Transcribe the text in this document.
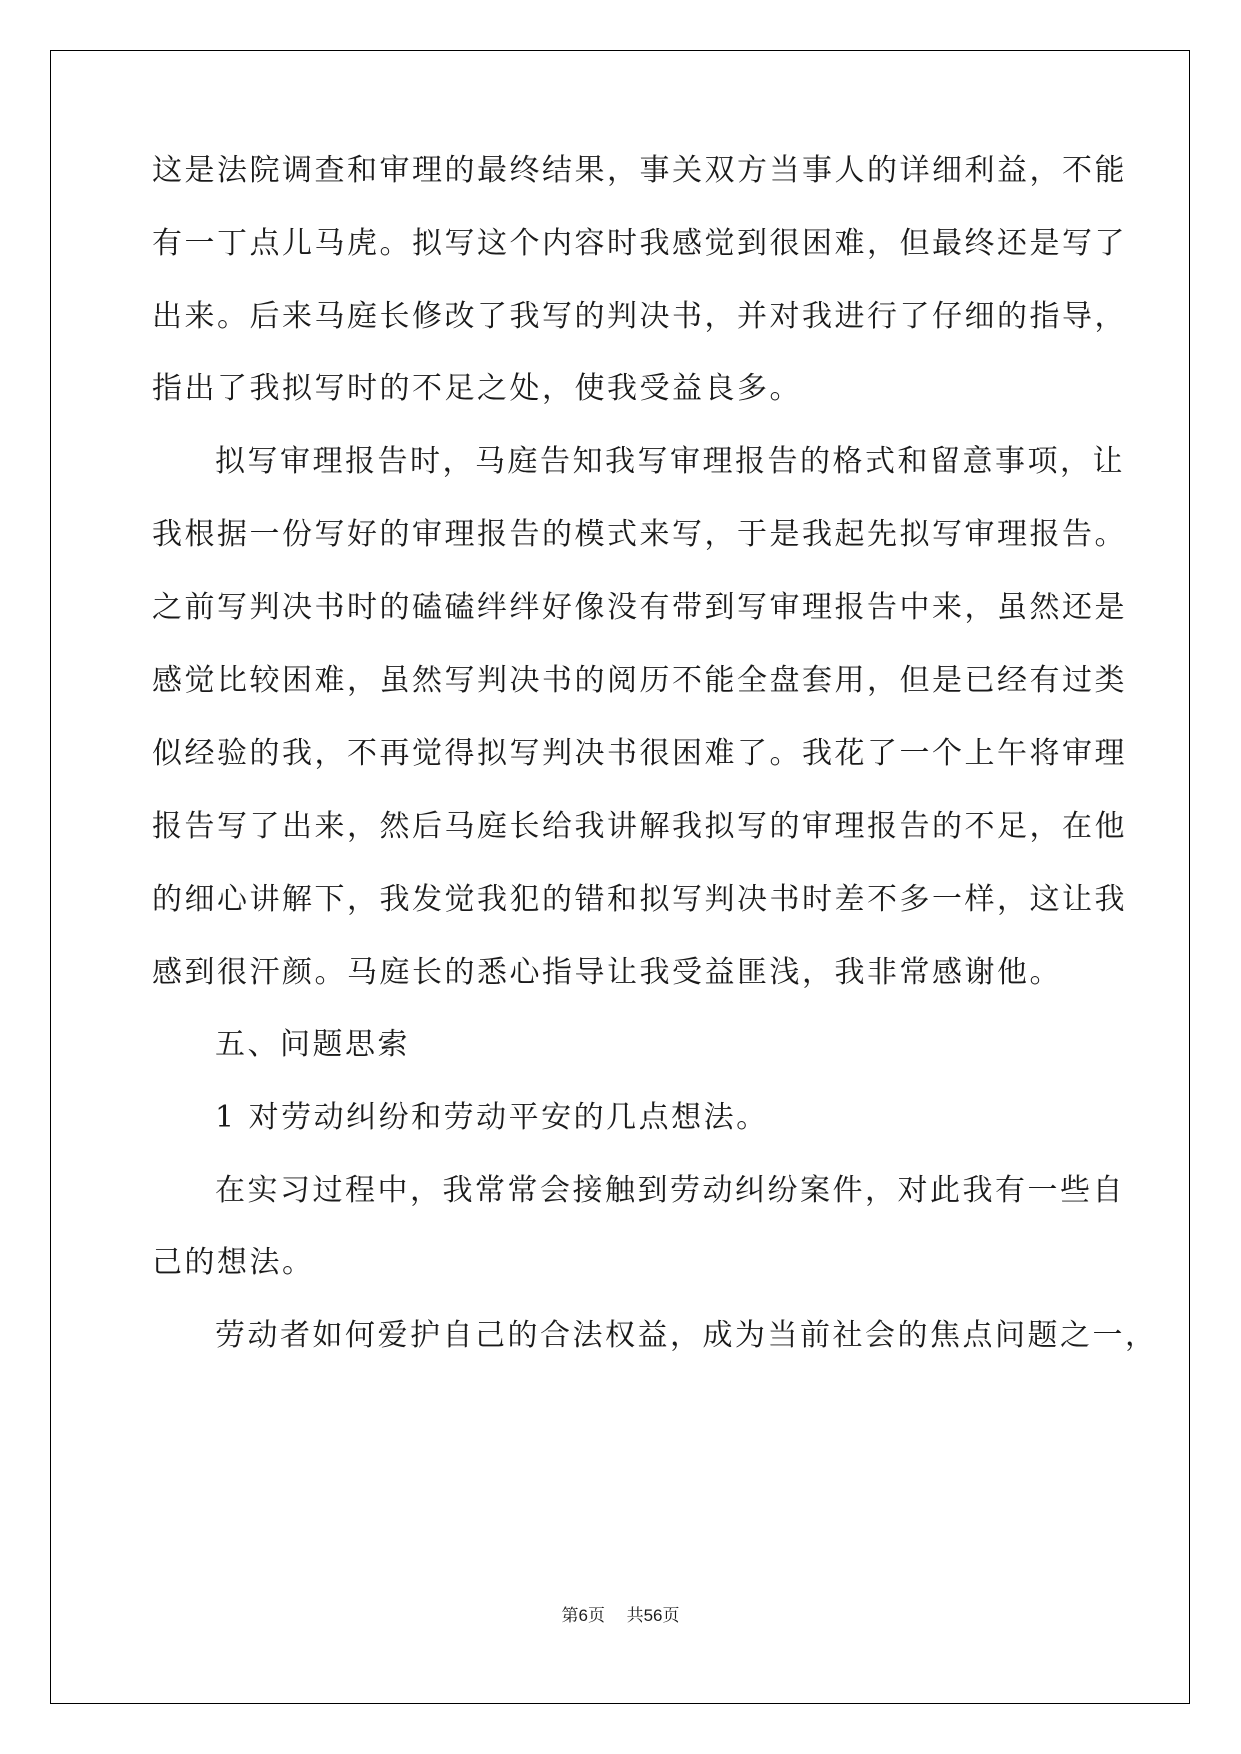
这是法院调查和审理的最终结果，事关双方当事人的详细利益，不能
有一丁点儿马虎。拟写这个内容时我感觉到很困难，但最终还是写了
出来。后来马庭长修改了我写的判决书，并对我进行了仔细的指导，
指出了我拟写时的不足之处，使我受益良多。
拟写审理报告时，马庭告知我写审理报告的格式和留意事项，让
我根据一份写好的审理报告的模式来写，于是我起先拟写审理报告。
之前写判决书时的磕磕绊绊好像没有带到写审理报告中来，虽然还是
感觉比较困难，虽然写判决书的阅历不能全盘套用，但是已经有过类
似经验的我，不再觉得拟写判决书很困难了。我花了一个上午将审理
报告写了出来，然后马庭长给我讲解我拟写的审理报告的不足，在他
的细心讲解下，我发觉我犯的错和拟写判决书时差不多一样，这让我
感到很汗颜。马庭长的悉心指导让我受益匪浅，我非常感谢他。
五、问题思索
1 对劳动纠纷和劳动平安的几点想法。
在实习过程中，我常常会接触到劳动纠纷案件，对此我有一些自
己的想法。
劳动者如何爱护自己的合法权益，成为当前社会的焦点问题之一，
第6页 共56页
